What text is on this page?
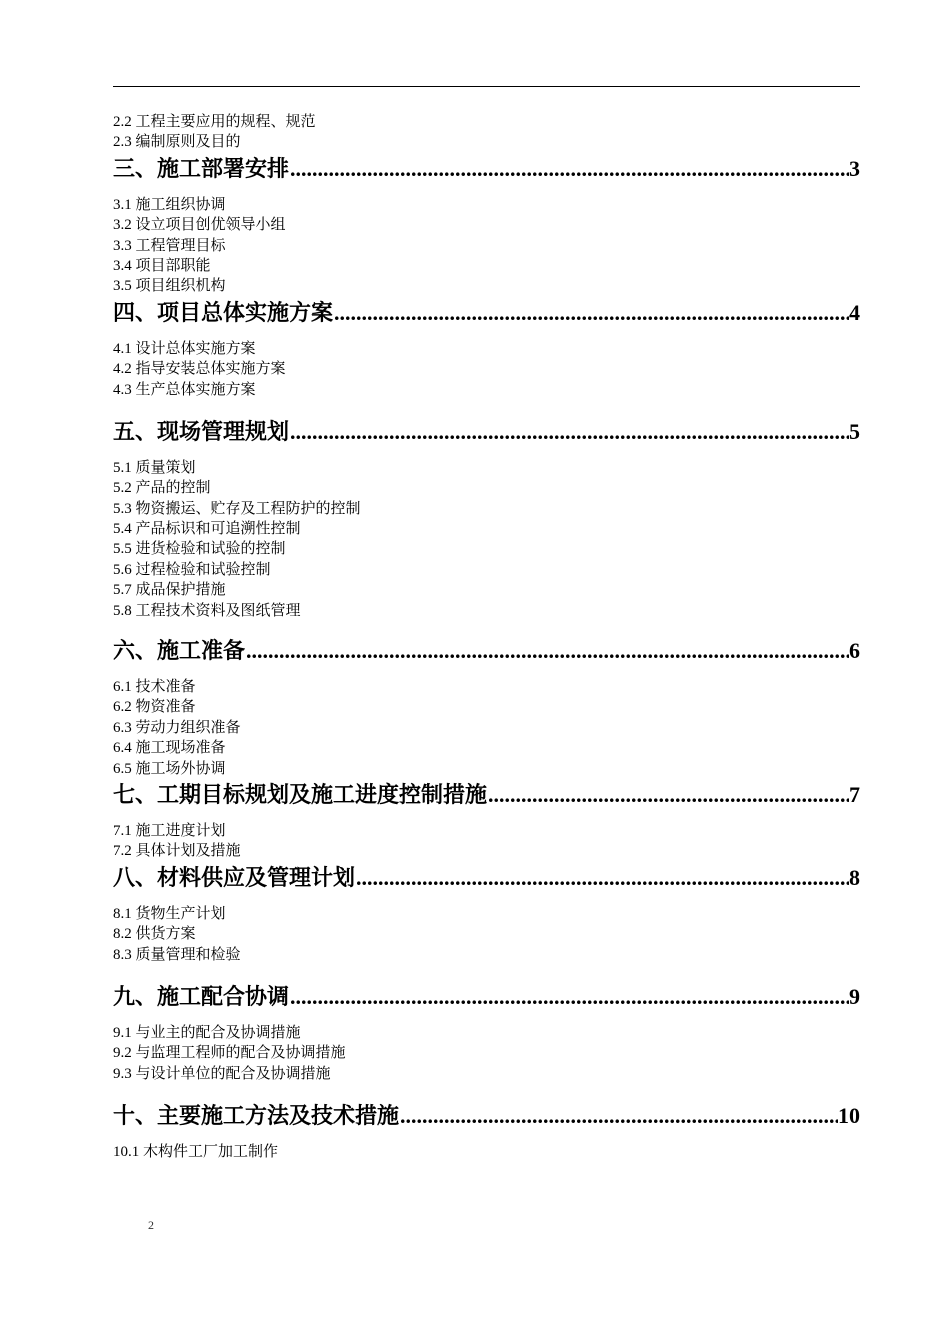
2.2 工程主要应用的规程、规范
2.3 编制原则及目的
三、施工部署安排 .....	3
3.1 施工组织协调
3.2 设立项目创优领导小组
3.3 工程管理目标
3.4 项目部职能
3.5 项目组织机构
四、项目总体实施方案 .....	4
4.1 设计总体实施方案
4.2 指导安装总体实施方案
4.3 生产总体实施方案
五、现场管理规划 .....	5
5.1 质量策划
5.2 产品的控制
5.3 物资搬运、贮存及工程防护的控制
5.4 产品标识和可追溯性控制
5.5 进货检验和试验的控制
5.6 过程检验和试验控制
5.7 成品保护措施
5.8 工程技术资料及图纸管理
六、施工准备 .....	6
6.1 技术准备
6.2 物资准备
6.3 劳动力组织准备
6.4 施工现场准备
6.5 施工场外协调
七、工期目标规划及施工进度控制措施 .....	7
7.1 施工进度计划
7.2 具体计划及措施
八、材料供应及管理计划 .....	8
8.1 货物生产计划
8.2 供货方案
8.3 质量管理和检验
九、施工配合协调 .....	9
9.1 与业主的配合及协调措施
9.2 与监理工程师的配合及协调措施
9.3 与设计单位的配合及协调措施
十、主要施工方法及技术措施 .....	10
10.1 木构件工厂加工制作
2
